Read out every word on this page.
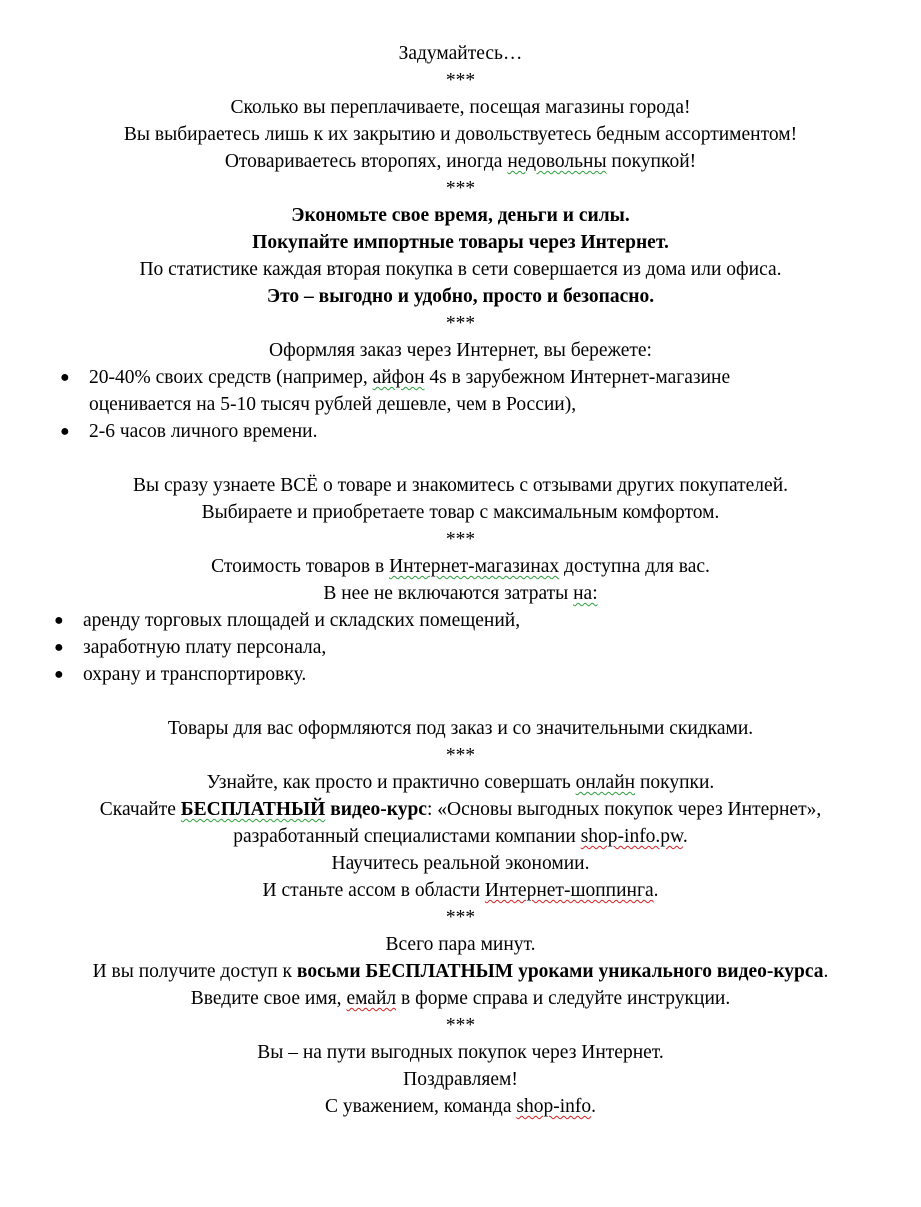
Задумайтесь…
***
Сколько вы переплачиваете, посещая магазины города!
Вы выбираетесь лишь к их закрытию и довольствуетесь бедным ассортиментом!
Отовариваетесь второпях, иногда недовольны покупкой!
***
Экономьте свое время, деньги и силы.
Покупайте импортные товары через Интернет.
По статистике каждая вторая покупка в сети совершается из дома или офиса.
Это – выгодно и удобно, просто и безопасно.
***
Оформляя заказ через Интернет, вы бережете:
● 20-40% своих средств (например, айфон 4s в зарубежном Интернет-магазине
оценивается на 5-10 тысяч рублей дешевле, чем в России),
● 2-6 часов личного времени.
Вы сразу узнаете ВСЁ о товаре и знакомитесь с отзывами других покупателей.
Выбираете и приобретаете товар с максимальным комфортом.
***
Стоимость товаров в Интернет-магазинах доступна для вас.
В нее не включаются затраты на:
● аренду торговых площадей и складских помещений,
● заработную плату персонала,
● охрану и транспортировку.
Товары для вас оформляются под заказ и со значительными скидками.
***
Узнайте, как просто и практично совершать онлайн покупки.
Скачайте БЕСПЛАТНЫЙ видео-курс: «Основы выгодных покупок через Интернет»,
разработанный специалистами компании shop-info.pw.
Научитесь реальной экономии.
И станьте ассом в области Интернет-шоппинга.
***
Всего пара минут.
И вы получите доступ к восьми БЕСПЛАТНЫМ уроками уникального видео-курса.
Введите свое имя, емайл в форме справа и следуйте инструкции.
***
Вы – на пути выгодных покупок через Интернет.
Поздравляем!
С уважением, команда shop-info.
